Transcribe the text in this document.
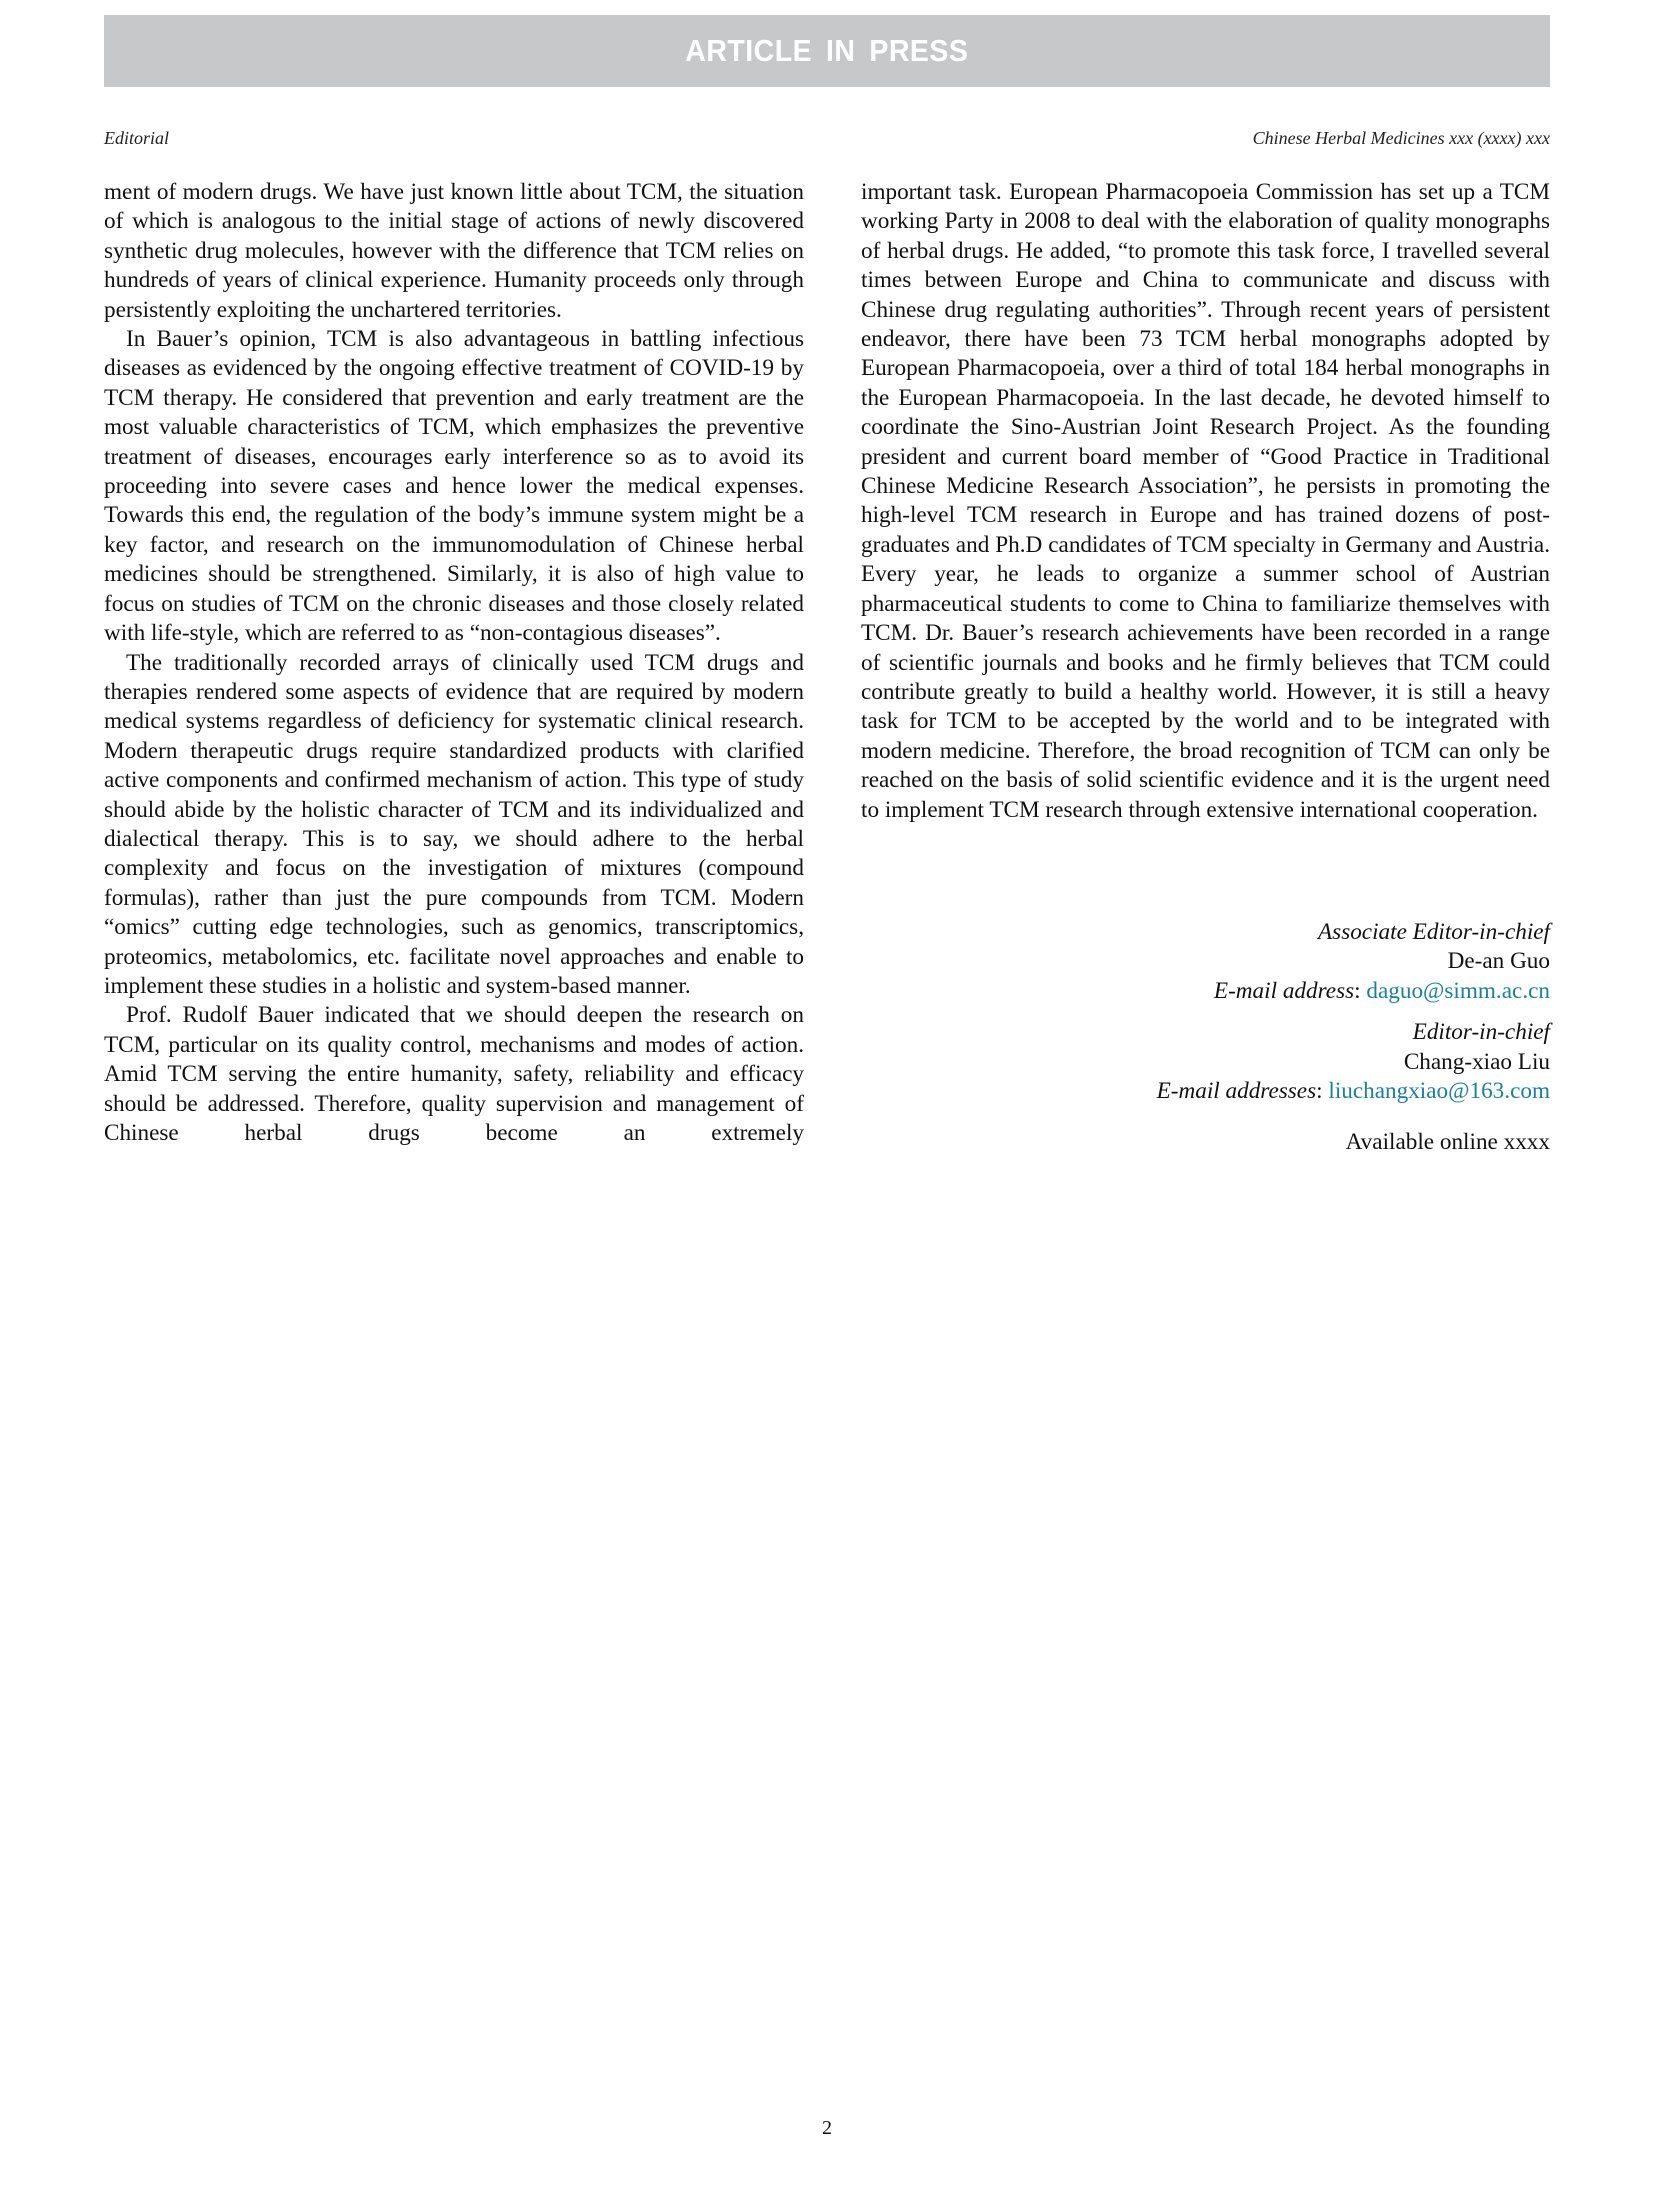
ARTICLE IN PRESS
Editorial	Chinese Herbal Medicines xxx (xxxx) xxx

ment of modern drugs. We have just known little about TCM, the situation of which is analogous to the initial stage of actions of newly discovered synthetic drug molecules, however with the difference that TCM relies on hundreds of years of clinical experience. Humanity proceeds only through persistently exploiting the unchartered territories.

In Bauer’s opinion, TCM is also advantageous in battling infectious diseases as evidenced by the ongoing effective treatment of COVID-19 by TCM therapy. He considered that prevention and early treatment are the most valuable characteristics of TCM, which emphasizes the preventive treatment of diseases, encourages early interference so as to avoid its proceeding into severe cases and hence lower the medical expenses. Towards this end, the regulation of the body’s immune system might be a key factor, and research on the immunomodulation of Chinese herbal medicines should be strengthened. Similarly, it is also of high value to focus on studies of TCM on the chronic diseases and those closely related with life-style, which are referred to as “non-contagious diseases”.

The traditionally recorded arrays of clinically used TCM drugs and therapies rendered some aspects of evidence that are required by modern medical systems regardless of deficiency for systematic clinical research. Modern therapeutic drugs require standardized products with clarified active components and confirmed mechanism of action. This type of study should abide by the holistic character of TCM and its individualized and dialectical therapy. This is to say, we should adhere to the herbal complexity and focus on the investigation of mixtures (compound formulas), rather than just the pure compounds from TCM. Modern “omics” cutting edge technologies, such as genomics, transcriptomics, proteomics, metabolomics, etc. facilitate novel approaches and enable to implement these studies in a holistic and system-based manner.

Prof. Rudolf Bauer indicated that we should deepen the research on TCM, particular on its quality control, mechanisms and modes of action. Amid TCM serving the entire humanity, safety, reliability and efficacy should be addressed. Therefore, quality supervision and management of Chinese herbal drugs become an extremely

important task. European Pharmacopoeia Commission has set up a TCM working Party in 2008 to deal with the elaboration of quality monographs of herbal drugs. He added, “to promote this task force, I travelled several times between Europe and China to communicate and discuss with Chinese drug regulating authorities”. Through recent years of persistent endeavor, there have been 73 TCM herbal monographs adopted by European Pharmacopoeia, over a third of total 184 herbal monographs in the European Pharmacopoeia. In the last decade, he devoted himself to coordinate the Sino-Austrian Joint Research Project. As the founding president and current board member of “Good Practice in Traditional Chinese Medicine Research Association”, he persists in promoting the high-level TCM research in Europe and has trained dozens of postgraduates and Ph.D candidates of TCM specialty in Germany and Austria. Every year, he leads to organize a summer school of Austrian pharmaceutical students to come to China to familiarize themselves with TCM. Dr. Bauer’s research achievements have been recorded in a range of scientific journals and books and he firmly believes that TCM could contribute greatly to build a healthy world. However, it is still a heavy task for TCM to be accepted by the world and to be integrated with modern medicine. Therefore, the broad recognition of TCM can only be reached on the basis of solid scientific evidence and it is the urgent need to implement TCM research through extensive international cooperation.

Associate Editor-in-chief
De-an Guo
E-mail address: daguo@simm.ac.cn
Editor-in-chief
Chang-xiao Liu
E-mail addresses: liuchangxiao@163.com
Available online xxxx
2
